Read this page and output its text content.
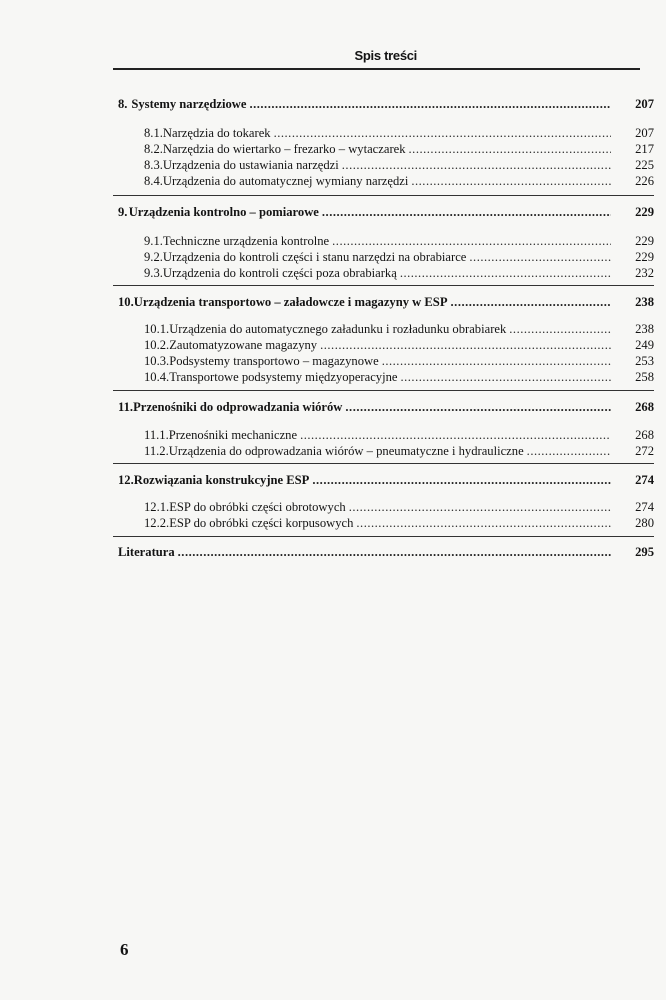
Spis treści
8. Systemy narzędziowe .....	207
8.1. Narzędzia do tokarek .....	207
8.2. Narzędzia do wiertarko – frezarko – wytaczarek .....	217
8.3. Urządzenia do ustawiania narzędzi .....	225
8.4. Urządzenia do automatycznej wymiany narzędzi .....	226
9. Urządzenia kontrolno – pomiarowe .....	229
9.1. Techniczne urządzenia kontrolne .....	229
9.2. Urządzenia do kontroli części i stanu narzędzi na obrabiarce .....	229
9.3. Urządzenia do kontroli części poza obrabiarką .....	232
10. Urządzenia transportowo – załadowcze i magazyny w ESP .....	238
10.1. Urządzenia do automatycznego załadunku i rozładunku obrabiarek .....	238
10.2. Zautomatyzowane magazyny .....	249
10.3. Podsystemy transportowo – magazynowe .....	253
10.4. Transportowe podsystemy międzyoperacyjne .....	258
11. Przenośniki do odprowadzania wiórów .....	268
11.1. Przenośniki mechaniczne .....	268
11.2. Urządzenia do odprowadzania wiórów – pneumatyczne i hydrauliczne .....	272
12. Rozwiązania konstrukcyjne ESP .....	274
12.1. ESP do obróbki części obrotowych .....	274
12.2. ESP do obróbki części korpusowych .....	280
Literatura .....	295
6
